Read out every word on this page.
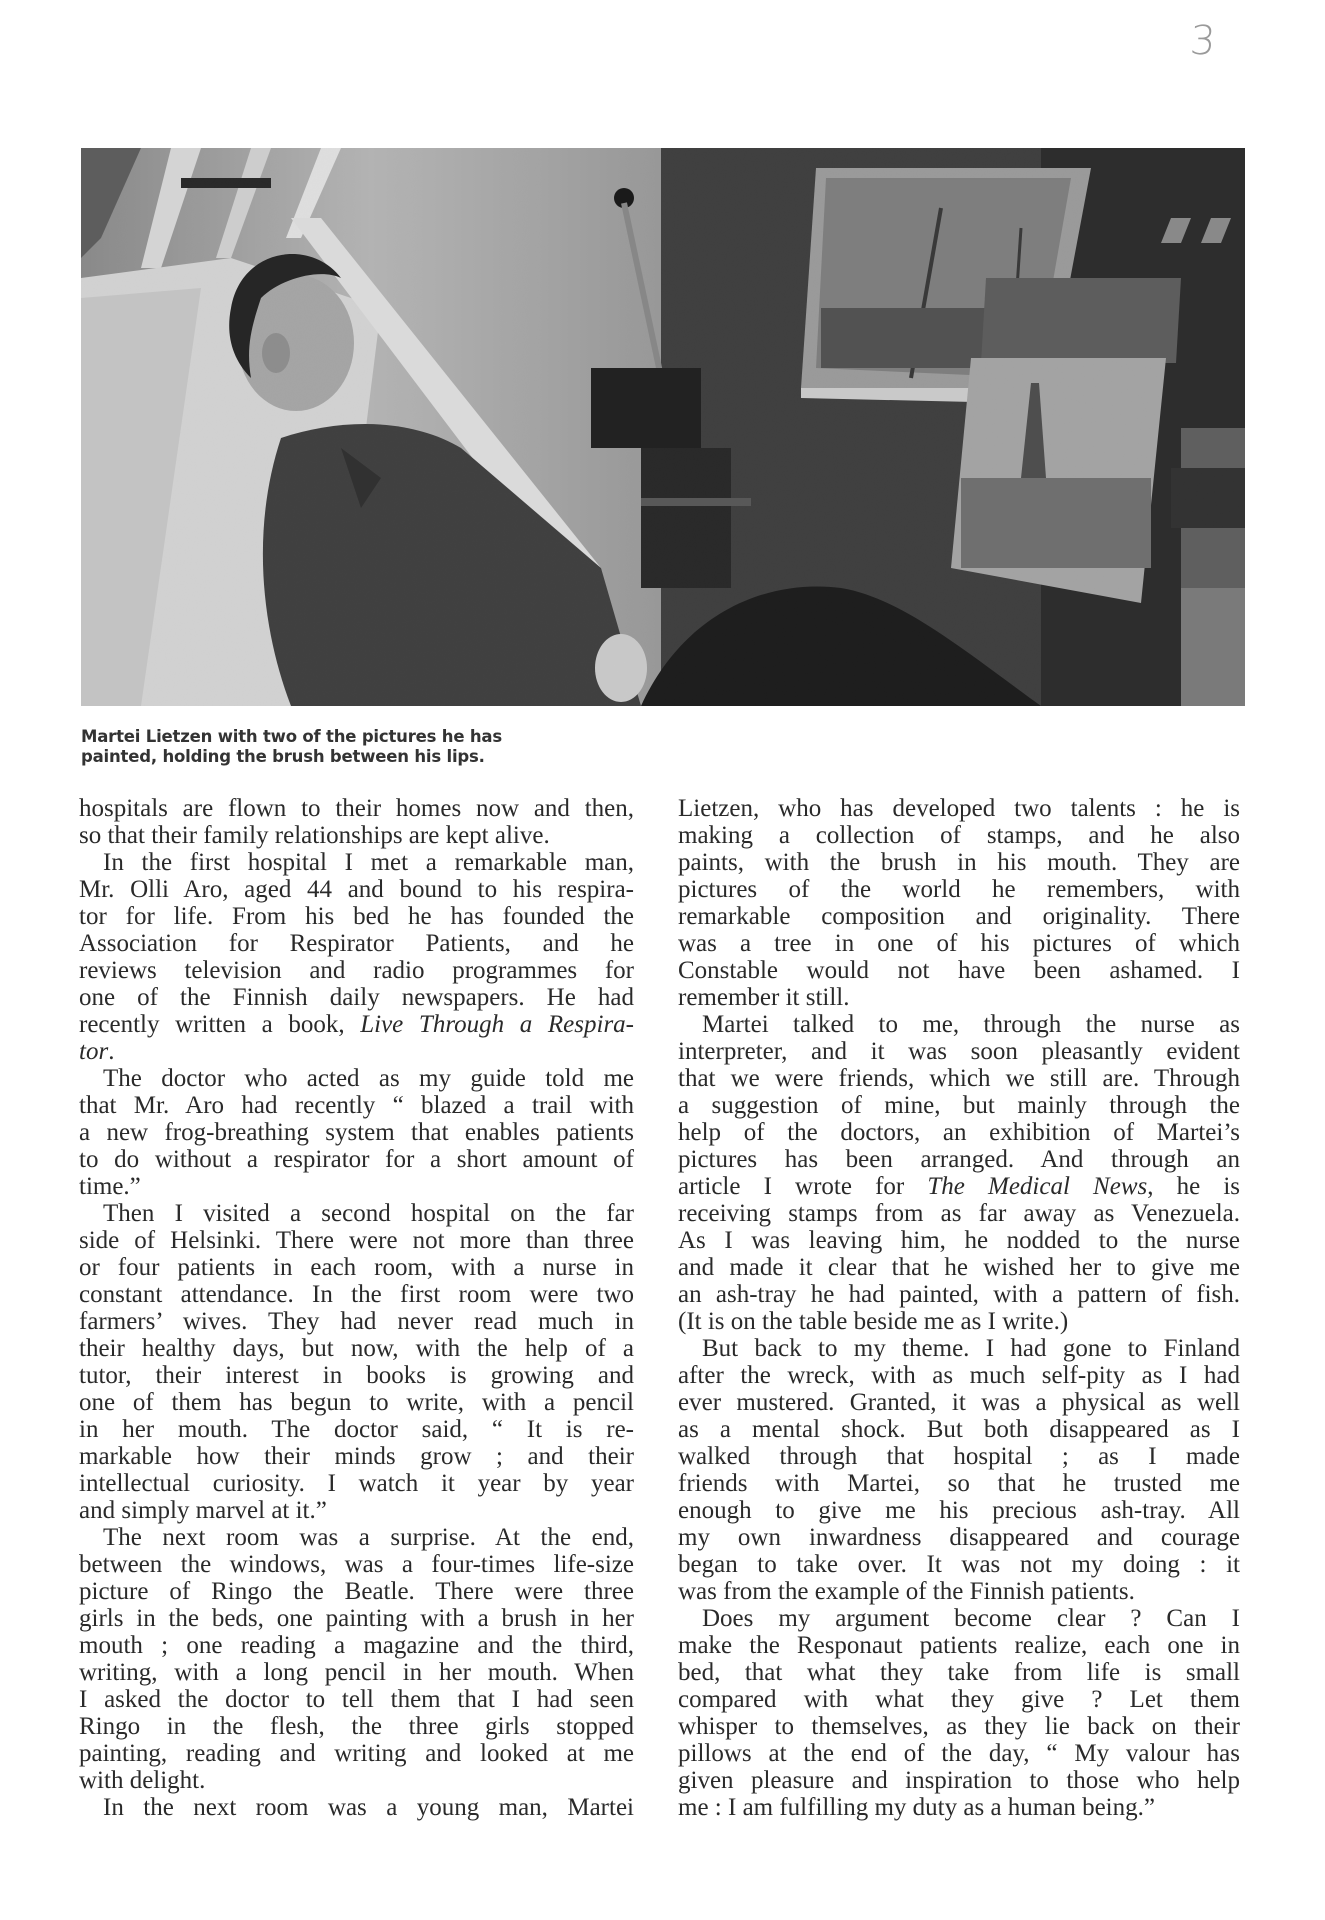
3
Martei Lietzen with two of the pictures he has
painted, holding the brush between his lips.
hospitals are flown to their homes now and then,
so that their family relationships are kept alive.
In the first hospital I met a remarkable man,
Mr. Olli Aro, aged 44 and bound to his respira-
tor for life. From his bed he has founded the
Association for Respirator Patients, and he
reviews television and radio programmes for
one of the Finnish daily newspapers. He had
recently written a book, Live Through a Respira-
tor.
The doctor who acted as my guide told me
that Mr. Aro had recently “ blazed a trail with
a new frog-breathing system that enables patients
to do without a respirator for a short amount of
time.”
Then I visited a second hospital on the far
side of Helsinki. There were not more than three
or four patients in each room, with a nurse in
constant attendance. In the first room were two
farmers’ wives. They had never read much in
their healthy days, but now, with the help of a
tutor, their interest in books is growing and
one of them has begun to write, with a pencil
in her mouth. The doctor said, “ It is re-
markable how their minds grow ; and their
intellectual curiosity. I watch it year by year
and simply marvel at it.”
The next room was a surprise. At the end,
between the windows, was a four-times life-size
picture of Ringo the Beatle. There were three
girls in the beds, one painting with a brush in her
mouth ; one reading a magazine and the third,
writing, with a long pencil in her mouth. When
I asked the doctor to tell them that I had seen
Ringo in the flesh, the three girls stopped
painting, reading and writing and looked at me
with delight.
In the next room was a young man, Martei
Lietzen, who has developed two talents : he is
making a collection of stamps, and he also
paints, with the brush in his mouth. They are
pictures of the world he remembers, with
remarkable composition and originality. There
was a tree in one of his pictures of which
Constable would not have been ashamed. I
remember it still.
Martei talked to me, through the nurse as
interpreter, and it was soon pleasantly evident
that we were friends, which we still are. Through
a suggestion of mine, but mainly through the
help of the doctors, an exhibition of Martei’s
pictures has been arranged. And through an
article I wrote for The Medical News, he is
receiving stamps from as far away as Venezuela.
As I was leaving him, he nodded to the nurse
and made it clear that he wished her to give me
an ash-tray he had painted, with a pattern of fish.
(It is on the table beside me as I write.)
But back to my theme. I had gone to Finland
after the wreck, with as much self-pity as I had
ever mustered. Granted, it was a physical as well
as a mental shock. But both disappeared as I
walked through that hospital ; as I made
friends with Martei, so that he trusted me
enough to give me his precious ash-tray. All
my own inwardness disappeared and courage
began to take over. It was not my doing : it
was from the example of the Finnish patients.
Does my argument become clear ? Can I
make the Responaut patients realize, each one in
bed, that what they take from life is small
compared with what they give ? Let them
whisper to themselves, as they lie back on their
pillows at the end of the day, “ My valour has
given pleasure and inspiration to those who help
me : I am fulfilling my duty as a human being.”
